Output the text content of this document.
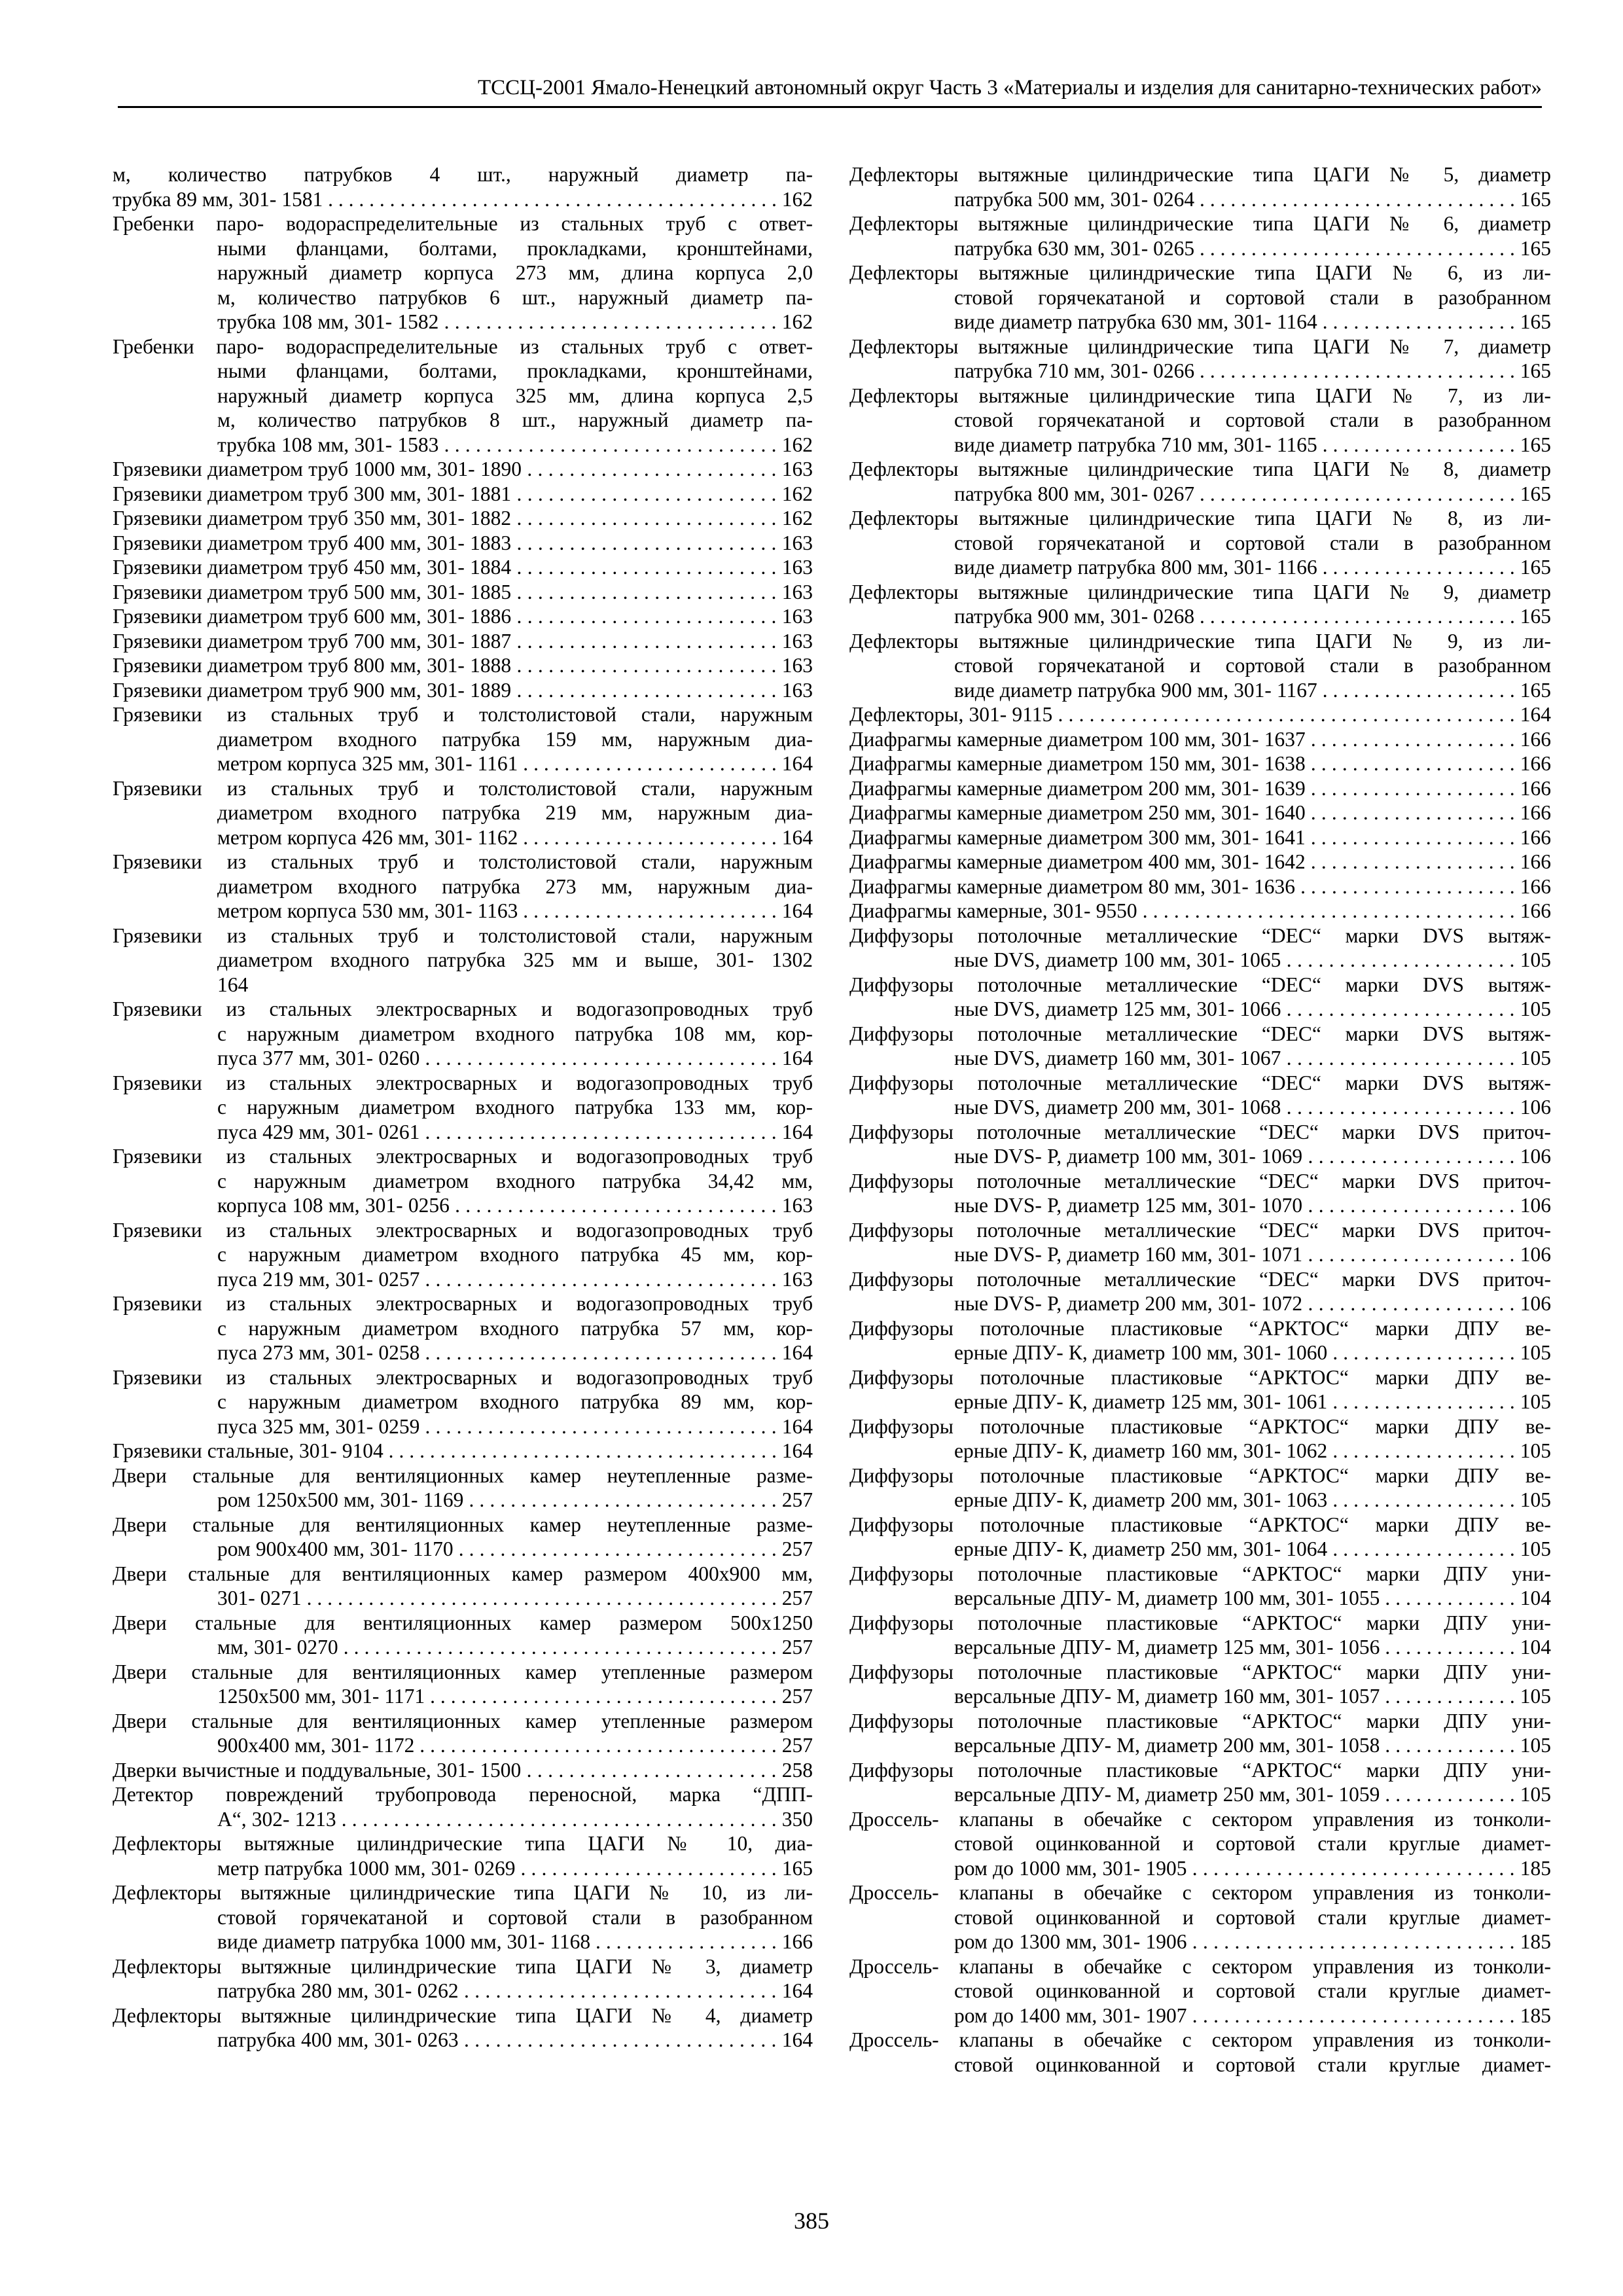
ТССЦ-2001 Ямало-Ненецкий автономный округ Часть 3 «Материалы и изделия для санитарно-технических работ»
м, количество патрубков 4 шт., наружный диаметр па-
трубка 89 мм, 301- 1581 . . . . . . . . . . . . . . . . . . . . . . . . . . . . . . . . . . . . . . . . . . . . 162
Гребенки паро- водораспределительные из стальных труб с ответ-
ными фланцами, болтами, прокладками, кронштейнами,
наружный диаметр корпуса 273 мм, длина корпуса 2,0
м, количество патрубков 6 шт., наружный диаметр па-
трубка 108 мм, 301- 1582 . . . . . . . . . . . . . . . . . . . . . . . . . . . . . . . . 162
Гребенки паро- водораспределительные из стальных труб с ответ-
ными фланцами, болтами, прокладками, кронштейнами,
наружный диаметр корпуса 325 мм, длина корпуса 2,5
м, количество патрубков 8 шт., наружный диаметр па-
трубка 108 мм, 301- 1583 . . . . . . . . . . . . . . . . . . . . . . . . . . . . . . . . 162
Грязевики диаметром труб 1000 мм, 301- 1890 . . . . . . . . . . . . . . . . . . . . . . . . 163
Грязевики диаметром труб 300 мм, 301- 1881 . . . . . . . . . . . . . . . . . . . . . . . . . 162
Грязевики диаметром труб 350 мм, 301- 1882 . . . . . . . . . . . . . . . . . . . . . . . . . 162
Грязевики диаметром труб 400 мм, 301- 1883 . . . . . . . . . . . . . . . . . . . . . . . . . 163
Грязевики диаметром труб 450 мм, 301- 1884 . . . . . . . . . . . . . . . . . . . . . . . . . 163
Грязевики диаметром труб 500 мм, 301- 1885 . . . . . . . . . . . . . . . . . . . . . . . . . 163
Грязевики диаметром труб 600 мм, 301- 1886 . . . . . . . . . . . . . . . . . . . . . . . . . 163
Грязевики диаметром труб 700 мм, 301- 1887 . . . . . . . . . . . . . . . . . . . . . . . . . 163
Грязевики диаметром труб 800 мм, 301- 1888 . . . . . . . . . . . . . . . . . . . . . . . . . 163
Грязевики диаметром труб 900 мм, 301- 1889 . . . . . . . . . . . . . . . . . . . . . . . . . 163
Грязевики из стальных труб и толстолистовой стали, наружным
диаметром входного патрубка 159 мм, наружным диа-
метром корпуса 325 мм, 301- 1161 . . . . . . . . . . . . . . . . . . . . . . . . . 164
Грязевики из стальных труб и толстолистовой стали, наружным
диаметром входного патрубка 219 мм, наружным диа-
метром корпуса 426 мм, 301- 1162 . . . . . . . . . . . . . . . . . . . . . . . . . 164
Грязевики из стальных труб и толстолистовой стали, наружным
диаметром входного патрубка 273 мм, наружным диа-
метром корпуса 530 мм, 301- 1163 . . . . . . . . . . . . . . . . . . . . . . . . . 164
Грязевики из стальных труб и толстолистовой стали, наружным
диаметром входного патрубка 325 мм и выше, 301- 1302
164
Грязевики из стальных электросварных и водогазопроводных труб
с наружным диаметром входного патрубка 108 мм, кор-
пуса 377 мм, 301- 0260 . . . . . . . . . . . . . . . . . . . . . . . . . . . . . . . . . . 164
Грязевики из стальных электросварных и водогазопроводных труб
с наружным диаметром входного патрубка 133 мм, кор-
пуса 429 мм, 301- 0261 . . . . . . . . . . . . . . . . . . . . . . . . . . . . . . . . . . 164
Грязевики из стальных электросварных и водогазопроводных труб
с наружным диаметром входного патрубка 34,42 мм,
корпуса 108 мм, 301- 0256 . . . . . . . . . . . . . . . . . . . . . . . . . . . . . . . 163
Грязевики из стальных электросварных и водогазопроводных труб
с наружным диаметром входного патрубка 45 мм, кор-
пуса 219 мм, 301- 0257 . . . . . . . . . . . . . . . . . . . . . . . . . . . . . . . . . . 163
Грязевики из стальных электросварных и водогазопроводных труб
с наружным диаметром входного патрубка 57 мм, кор-
пуса 273 мм, 301- 0258 . . . . . . . . . . . . . . . . . . . . . . . . . . . . . . . . . . 164
Грязевики из стальных электросварных и водогазопроводных труб
с наружным диаметром входного патрубка 89 мм, кор-
пуса 325 мм, 301- 0259 . . . . . . . . . . . . . . . . . . . . . . . . . . . . . . . . . . 164
Грязевики стальные, 301- 9104 . . . . . . . . . . . . . . . . . . . . . . . . . . . . . . . . . . . . . . 164
Двери стальные для вентиляционных камер неутепленные разме-
ром 1250х500 мм, 301- 1169 . . . . . . . . . . . . . . . . . . . . . . . . . . . . . . 257
Двери стальные для вентиляционных камер неутепленные разме-
ром 900х400 мм, 301- 1170 . . . . . . . . . . . . . . . . . . . . . . . . . . . . . . . 257
Двери стальные для вентиляционных камер размером 400х900 мм,
301- 0271 . . . . . . . . . . . . . . . . . . . . . . . . . . . . . . . . . . . . . . . . . . . . . . 257
Двери стальные для вентиляционных камер размером 500х1250
мм, 301- 0270 . . . . . . . . . . . . . . . . . . . . . . . . . . . . . . . . . . . . . . . . . . 257
Двери стальные для вентиляционных камер утепленные размером
1250х500 мм, 301- 1171 . . . . . . . . . . . . . . . . . . . . . . . . . . . . . . . . . . 257
Двери стальные для вентиляционных камер утепленные размером
900х400 мм, 301- 1172 . . . . . . . . . . . . . . . . . . . . . . . . . . . . . . . . . . . 257
Дверки вычистные и поддувальные, 301- 1500 . . . . . . . . . . . . . . . . . . . . . . . . 258
Детектор повреждений трубопровода переносной, марка “ДПП-
А“, 302- 1213 . . . . . . . . . . . . . . . . . . . . . . . . . . . . . . . . . . . . . . . . . . 350
Дефлекторы вытяжные цилиндрические типа ЦАГИ № 10, диа-
метр патрубка 1000 мм, 301- 0269 . . . . . . . . . . . . . . . . . . . . . . . . . 165
Дефлекторы вытяжные цилиндрические типа ЦАГИ № 10, из ли-
стовой горячекатаной и сортовой стали в разобранном
виде диаметр патрубка 1000 мм, 301- 1168 . . . . . . . . . . . . . . . . . . 166
Дефлекторы вытяжные цилиндрические типа ЦАГИ № 3, диаметр
патрубка 280 мм, 301- 0262 . . . . . . . . . . . . . . . . . . . . . . . . . . . . . . 164
Дефлекторы вытяжные цилиндрические типа ЦАГИ № 4, диаметр
патрубка 400 мм, 301- 0263 . . . . . . . . . . . . . . . . . . . . . . . . . . . . . . 164
Дефлекторы вытяжные цилиндрические типа ЦАГИ № 5, диаметр
патрубка 500 мм, 301- 0264 . . . . . . . . . . . . . . . . . . . . . . . . . . . . . . . 165
Дефлекторы вытяжные цилиндрические типа ЦАГИ № 6, диаметр
патрубка 630 мм, 301- 0265 . . . . . . . . . . . . . . . . . . . . . . . . . . . . . . . 165
Дефлекторы вытяжные цилиндрические типа ЦАГИ № 6, из ли-
стовой горячекатаной и сортовой стали в разобранном
виде диаметр патрубка 630 мм, 301- 1164 . . . . . . . . . . . . . . . . . . . 165
Дефлекторы вытяжные цилиндрические типа ЦАГИ № 7, диаметр
патрубка 710 мм, 301- 0266 . . . . . . . . . . . . . . . . . . . . . . . . . . . . . . . 165
Дефлекторы вытяжные цилиндрические типа ЦАГИ № 7, из ли-
стовой горячекатаной и сортовой стали в разобранном
виде диаметр патрубка 710 мм, 301- 1165 . . . . . . . . . . . . . . . . . . . 165
Дефлекторы вытяжные цилиндрические типа ЦАГИ № 8, диаметр
патрубка 800 мм, 301- 0267 . . . . . . . . . . . . . . . . . . . . . . . . . . . . . . . 165
Дефлекторы вытяжные цилиндрические типа ЦАГИ № 8, из ли-
стовой горячекатаной и сортовой стали в разобранном
виде диаметр патрубка 800 мм, 301- 1166 . . . . . . . . . . . . . . . . . . . 165
Дефлекторы вытяжные цилиндрические типа ЦАГИ № 9, диаметр
патрубка 900 мм, 301- 0268 . . . . . . . . . . . . . . . . . . . . . . . . . . . . . . . 165
Дефлекторы вытяжные цилиндрические типа ЦАГИ № 9, из ли-
стовой горячекатаной и сортовой стали в разобранном
виде диаметр патрубка 900 мм, 301- 1167 . . . . . . . . . . . . . . . . . . . 165
Дефлекторы, 301- 9115 . . . . . . . . . . . . . . . . . . . . . . . . . . . . . . . . . . . . . . . . . . . . 164
Диафрагмы камерные диаметром 100 мм, 301- 1637 . . . . . . . . . . . . . . . . . . . . 166
Диафрагмы камерные диаметром 150 мм, 301- 1638 . . . . . . . . . . . . . . . . . . . . 166
Диафрагмы камерные диаметром 200 мм, 301- 1639 . . . . . . . . . . . . . . . . . . . . 166
Диафрагмы камерные диаметром 250 мм, 301- 1640 . . . . . . . . . . . . . . . . . . . . 166
Диафрагмы камерные диаметром 300 мм, 301- 1641 . . . . . . . . . . . . . . . . . . . . 166
Диафрагмы камерные диаметром 400 мм, 301- 1642 . . . . . . . . . . . . . . . . . . . . 166
Диафрагмы камерные диаметром 80 мм, 301- 1636 . . . . . . . . . . . . . . . . . . . . . 166
Диафрагмы камерные, 301- 9550 . . . . . . . . . . . . . . . . . . . . . . . . . . . . . . . . . . . . 166
Диффузоры потолочные металлические “DEC“ марки DVS вытяж-
ные DVS, диаметр 100 мм, 301- 1065 . . . . . . . . . . . . . . . . . . . . . . 105
Диффузоры потолочные металлические “DEC“ марки DVS вытяж-
ные DVS, диаметр 125 мм, 301- 1066 . . . . . . . . . . . . . . . . . . . . . . 105
Диффузоры потолочные металлические “DEC“ марки DVS вытяж-
ные DVS, диаметр 160 мм, 301- 1067 . . . . . . . . . . . . . . . . . . . . . . 105
Диффузоры потолочные металлические “DEC“ марки DVS вытяж-
ные DVS, диаметр 200 мм, 301- 1068 . . . . . . . . . . . . . . . . . . . . . . 106
Диффузоры потолочные металлические “DEC“ марки DVS приточ-
ные DVS- P, диаметр 100 мм, 301- 1069 . . . . . . . . . . . . . . . . . . . . 106
Диффузоры потолочные металлические “DEC“ марки DVS приточ-
ные DVS- P, диаметр 125 мм, 301- 1070 . . . . . . . . . . . . . . . . . . . . 106
Диффузоры потолочные металлические “DEC“ марки DVS приточ-
ные DVS- P, диаметр 160 мм, 301- 1071 . . . . . . . . . . . . . . . . . . . . 106
Диффузоры потолочные металлические “DEC“ марки DVS приточ-
ные DVS- P, диаметр 200 мм, 301- 1072 . . . . . . . . . . . . . . . . . . . . 106
Диффузоры потолочные пластиковые “АРКТОС“ марки ДПУ ве-
ерные ДПУ- К, диаметр 100 мм, 301- 1060 . . . . . . . . . . . . . . . . . . 105
Диффузоры потолочные пластиковые “АРКТОС“ марки ДПУ ве-
ерные ДПУ- К, диаметр 125 мм, 301- 1061 . . . . . . . . . . . . . . . . . . 105
Диффузоры потолочные пластиковые “АРКТОС“ марки ДПУ ве-
ерные ДПУ- К, диаметр 160 мм, 301- 1062 . . . . . . . . . . . . . . . . . . 105
Диффузоры потолочные пластиковые “АРКТОС“ марки ДПУ ве-
ерные ДПУ- К, диаметр 200 мм, 301- 1063 . . . . . . . . . . . . . . . . . . 105
Диффузоры потолочные пластиковые “АРКТОС“ марки ДПУ ве-
ерные ДПУ- К, диаметр 250 мм, 301- 1064 . . . . . . . . . . . . . . . . . . 105
Диффузоры потолочные пластиковые “АРКТОС“ марки ДПУ уни-
версальные ДПУ- М, диаметр 100 мм, 301- 1055 . . . . . . . . . . . . . 104
Диффузоры потолочные пластиковые “АРКТОС“ марки ДПУ уни-
версальные ДПУ- М, диаметр 125 мм, 301- 1056 . . . . . . . . . . . . . 104
Диффузоры потолочные пластиковые “АРКТОС“ марки ДПУ уни-
версальные ДПУ- М, диаметр 160 мм, 301- 1057 . . . . . . . . . . . . . 105
Диффузоры потолочные пластиковые “АРКТОС“ марки ДПУ уни-
версальные ДПУ- М, диаметр 200 мм, 301- 1058 . . . . . . . . . . . . . 105
Диффузоры потолочные пластиковые “АРКТОС“ марки ДПУ уни-
версальные ДПУ- М, диаметр 250 мм, 301- 1059 . . . . . . . . . . . . . 105
Дроссель- клапаны в обечайке с сектором управления из тонколи-
стовой оцинкованной и сортовой стали круглые диамет-
ром до 1000 мм, 301- 1905 . . . . . . . . . . . . . . . . . . . . . . . . . . . . . . . 185
Дроссель- клапаны в обечайке с сектором управления из тонколи-
стовой оцинкованной и сортовой стали круглые диамет-
ром до 1300 мм, 301- 1906 . . . . . . . . . . . . . . . . . . . . . . . . . . . . . . . 185
Дроссель- клапаны в обечайке с сектором управления из тонколи-
стовой оцинкованной и сортовой стали круглые диамет-
ром до 1400 мм, 301- 1907 . . . . . . . . . . . . . . . . . . . . . . . . . . . . . . . 185
Дроссель- клапаны в обечайке с сектором управления из тонколи-
стовой оцинкованной и сортовой стали круглые диамет-
385
